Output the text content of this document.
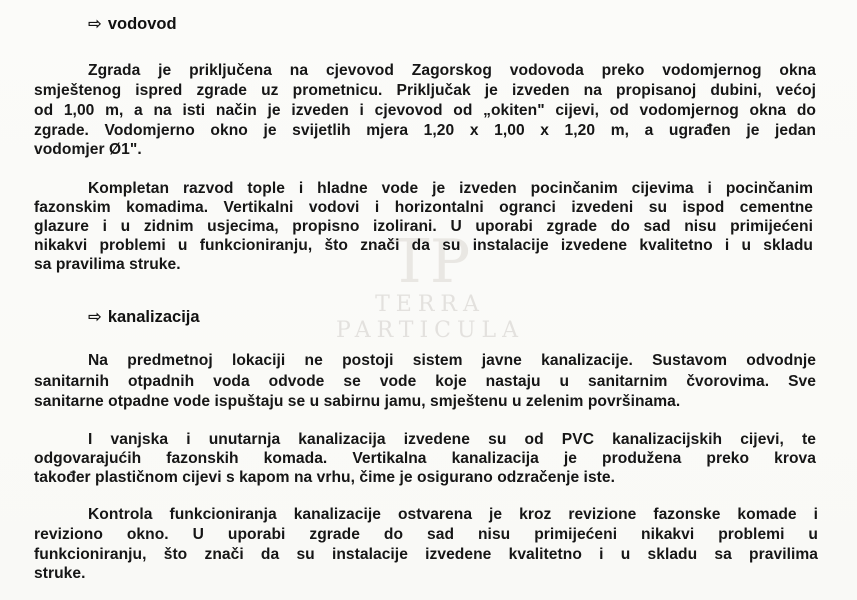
TP
TERRA
PARTICULA
⇨ vodovod
Zgrada je priključena na cjevovod Zagorskog vodovoda preko vodomjernog okna
smještenog ispred zgrade uz prometnicu. Priključak je izveden na propisanoj dubini, većoj
od 1,00 m, a na isti način je izveden i cjevovod od „okiten" cijevi, od vodomjernog okna do
zgrade. Vodomjerno okno je svijetlih mjera 1,20 x 1,00 x 1,20 m, a ugrađen je jedan
vodomjer Ø1".
Kompletan razvod tople i hladne vode je izveden pocinčanim cijevima i pocinčanim
fazonskim komadima. Vertikalni vodovi i horizontalni ogranci izvedeni su ispod cementne
glazure i u zidnim usjecima, propisno izolirani. U uporabi zgrade do sad nisu primijećeni
nikakvi problemi u funkcioniranju, što znači da su instalacije izvedene kvalitetno i u skladu
sa pravilima struke.
⇨ kanalizacija
Na predmetnoj lokaciji ne postoji sistem javne kanalizacije. Sustavom odvodnje
sanitarnih otpadnih voda odvode se vode koje nastaju u sanitarnim čvorovima. Sve
sanitarne otpadne vode ispuštaju se u sabirnu jamu, smještenu u zelenim površinama.
I vanjska i unutarnja kanalizacija izvedene su od PVC kanalizacijskih cijevi, te
odgovarajućih fazonskih komada. Vertikalna kanalizacija je produžena preko krova
također plastičnom cijevi s kapom na vrhu, čime je osigurano odzračenje iste.
Kontrola funkcioniranja kanalizacije ostvarena je kroz revizione fazonske komade i
reviziono okno. U uporabi zgrade do sad nisu primijećeni nikakvi problemi u
funkcioniranju, što znači da su instalacije izvedene kvalitetno i u skladu sa pravilima
struke.
